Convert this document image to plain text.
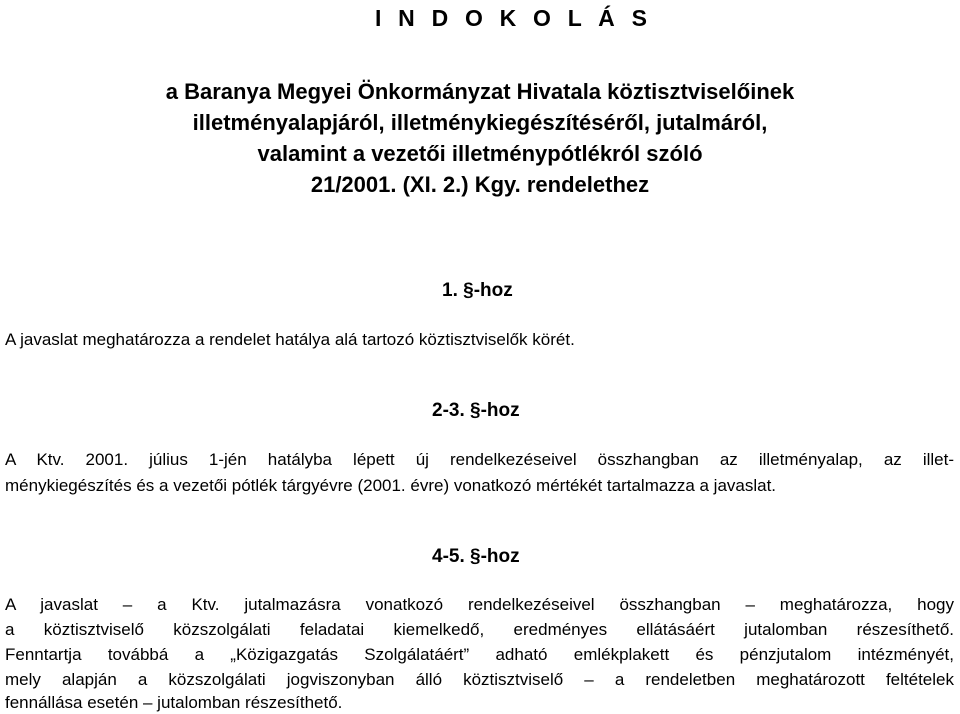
I N D O K O L Á S

a Baranya Megyei Önkormányzat Hivatala köztisztviselőinek

illetményalapjáról, illetménykiegészítéséről, jutalmáról,

valamint a vezetői illetménypótlékról szóló

21/2001. (XI. 2.) Kgy. rendelethez

1. §-hoz

A javaslat meghatározza a rendelet hatálya alá tartozó köztisztviselők körét.

2-3. §-hoz

A Ktv. 2001. július 1-jén hatályba lépett új rendelkezéseivel összhangban az illetményalap, az illet-

ménykiegészítés és a vezetői pótlék tárgyévre (2001. évre) vonatkozó mértékét tartalmazza a javaslat.

4-5. §-hoz

A javaslat – a Ktv. jutalmazásra vonatkozó rendelkezéseivel összhangban – meghatározza, hogy

a köztisztviselő közszolgálati feladatai kiemelkedő, eredményes ellátásáért jutalomban részesíthető.

Fenntartja továbbá a „Közigazgatás Szolgálatáért” adható emlékplakett és pénzjutalom intézményét,

mely alapján a közszolgálati jogviszonyban álló köztisztviselő – a rendeletben meghatározott feltételek

fennállása esetén – jutalomban részesíthető.
